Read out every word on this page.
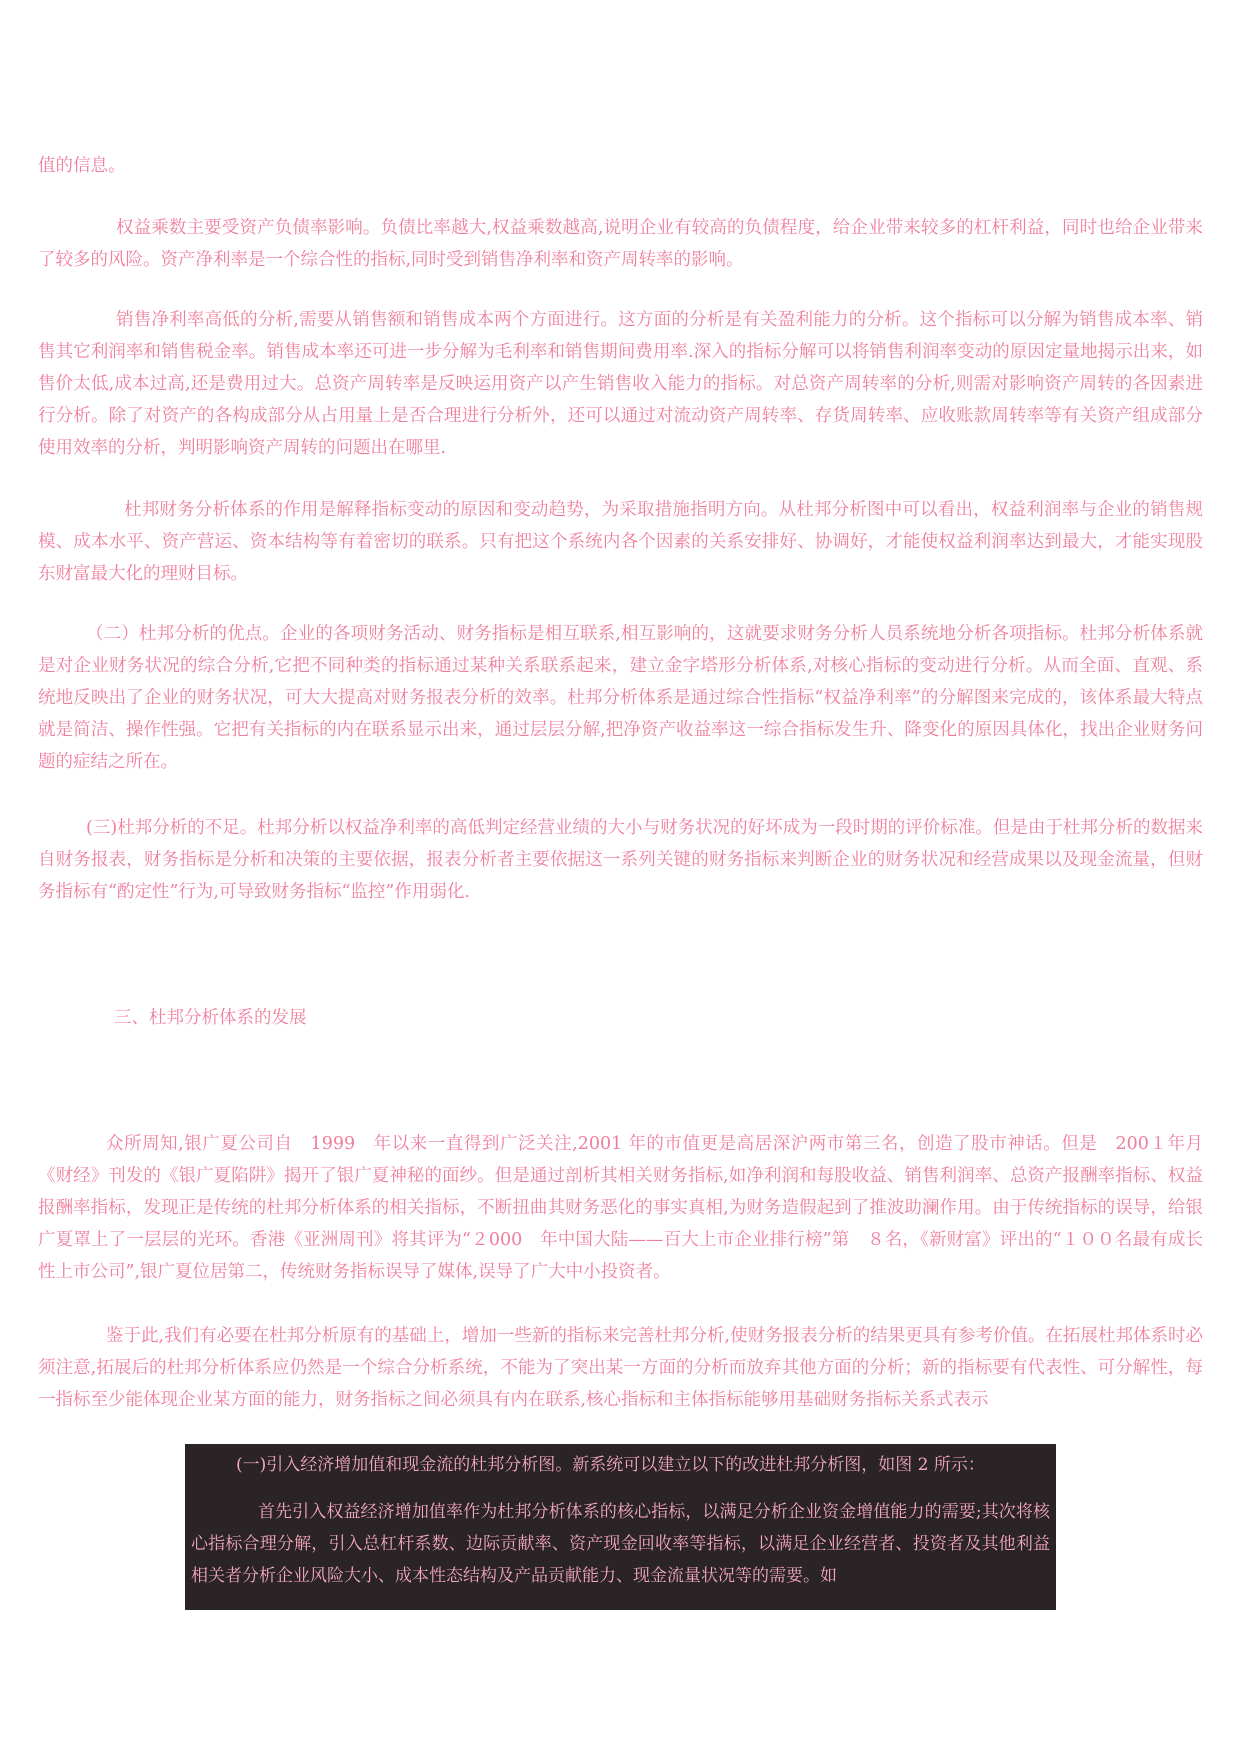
值的信息。

权益乘数主要受资产负债率影响。负债比率越大,权益乘数越高,说明企业有较高的负债程度，给企业带来较多的杠杆利益，同时也给企业带来了较多的风险。资产净利率是一个综合性的指标,同时受到销售净利率和资产周转率的影响。

销售净利率高低的分析,需要从销售额和销售成本两个方面进行。这方面的分析是有关盈利能力的分析。这个指标可以分解为销售成本率、销售其它利润率和销售税金率。销售成本率还可进一步分解为毛利率和销售期间费用率.深入的指标分解可以将销售利润率变动的原因定量地揭示出来，如售价太低,成本过高,还是费用过大。总资产周转率是反映运用资产以产生销售收入能力的指标。对总资产周转率的分析,则需对影响资产周转的各因素进行分析。除了对资产的各构成部分从占用量上是否合理进行分析外，还可以通过对流动资产周转率、存货周转率、应收账款周转率等有关资产组成部分使用效率的分析，判明影响资产周转的问题出在哪里.

杜邦财务分析体系的作用是解释指标变动的原因和变动趋势，为采取措施指明方向。从杜邦分析图中可以看出，权益利润率与企业的销售规模、成本水平、资产营运、资本结构等有着密切的联系。只有把这个系统内各个因素的关系安排好、协调好，才能使权益利润率达到最大，才能实现股东财富最大化的理财目标。

（二）杜邦分析的优点。企业的各项财务活动、财务指标是相互联系,相互影响的，这就要求财务分析人员系统地分析各项指标。杜邦分析体系就是对企业财务状况的综合分析,它把不同种类的指标通过某种关系联系起来，建立金字塔形分析体系,对核心指标的变动进行分析。从而全面、直观、系统地反映出了企业的财务状况，可大大提高对财务报表分析的效率。杜邦分析体系是通过综合性指标“权益净利率”的分解图来完成的，该体系最大特点就是简洁、操作性强。它把有关指标的内在联系显示出来，通过层层分解,把净资产收益率这一综合指标发生升、降变化的原因具体化，找出企业财务问题的症结之所在。

(三)杜邦分析的不足。杜邦分析以权益净利率的高低判定经营业绩的大小与财务状况的好坏成为一段时期的评价标准。但是由于杜邦分析的数据来自财务报表，财务指标是分析和决策的主要依据，报表分析者主要依据这一系列关键的财务指标来判断企业的财务状况和经营成果以及现金流量，但财务指标有“酌定性”行为,可导致财务指标“监控”作用弱化.

三、杜邦分析体系的发展

众所周知,银广夏公司自　1999　年以来一直得到广泛关注,2001 年的市值更是高居深沪两市第三名，创造了股市神话。但是　200１年月《财经》刊发的《银广夏陷阱》揭开了银广夏神秘的面纱。但是通过剖析其相关财务指标,如净利润和每股收益、销售利润率、总资产报酬率指标、权益报酬率指标，发现正是传统的杜邦分析体系的相关指标，不断扭曲其财务恶化的事实真相,为财务造假起到了推波助澜作用。由于传统指标的误导，给银广夏罩上了一层层的光环。香港《亚洲周刊》将其评为“２000　年中国大陆——百大上市企业排行榜”第　８名，《新财富》评出的“１００名最有成长性上市公司”,银广夏位居第二，传统财务指标误导了媒体,误导了广大中小投资者。

鉴于此,我们有必要在杜邦分析原有的基础上，增加一些新的指标来完善杜邦分析,使财务报表分析的结果更具有参考价值。在拓展杜邦体系时必须注意,拓展后的杜邦分析体系应仍然是一个综合分析系统，不能为了突出某一方面的分析而放弃其他方面的分析；新的指标要有代表性、可分解性，每一指标至少能体现企业某方面的能力，财务指标之间必须具有内在联系,核心指标和主体指标能够用基础财务指标关系式表示

(一)引入经济增加值和现金流的杜邦分析图。新系统可以建立以下的改进杜邦分析图，如图 2 所示：

首先引入权益经济增加值率作为杜邦分析体系的核心指标，以满足分析企业资金增值能力的需要;其次将核心指标合理分解，引入总杠杆系数、边际贡献率、资产现金回收率等指标，以满足企业经营者、投资者及其他利益相关者分析企业风险大小、成本性态结构及产品贡献能力、现金流量状况等的需要。如
